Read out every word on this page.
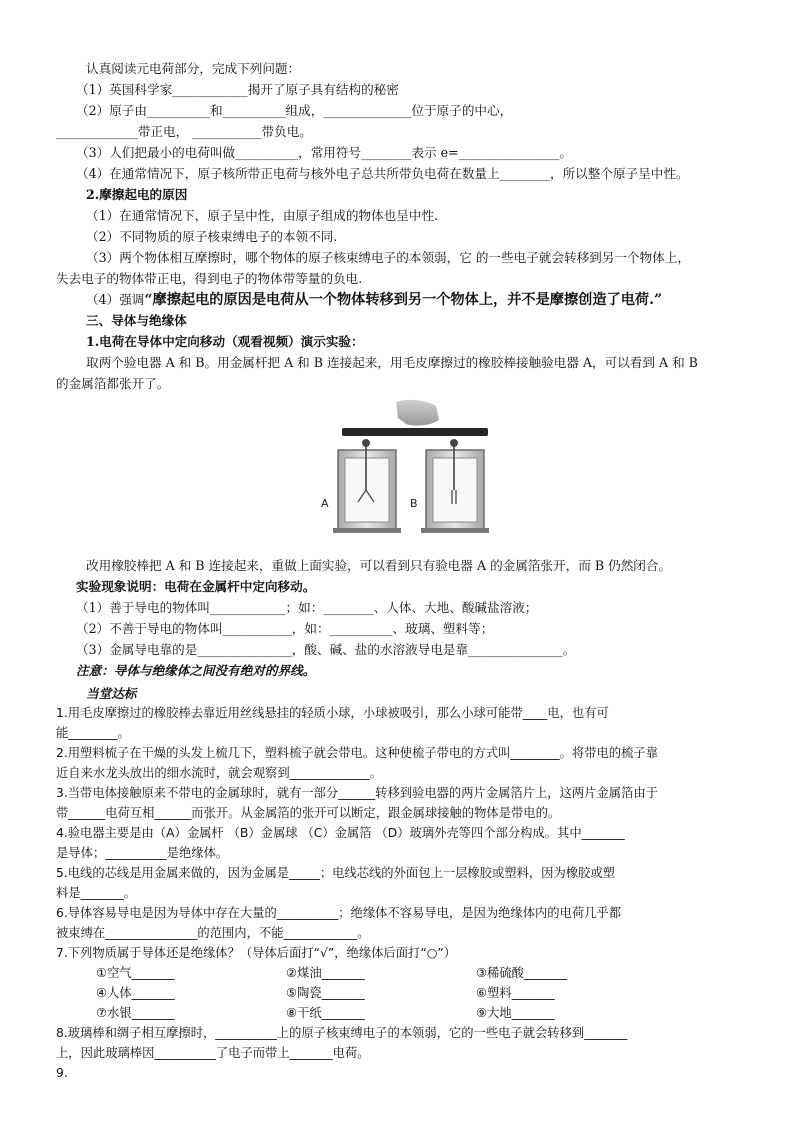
认真阅读元电荷部分，完成下列问题：
（1）英国科学家____________揭开了原子具有结构的秘密
（2）原子由__________和__________组成，______________位于原子的中心，
_____________带正电， ___________带负电。
（3）人们把最小的电荷叫做__________，常用符号________表示 e=________________。
（4）在通常情况下，原子核所带正电荷与核外电子总共所带负电荷在数量上________，所以整个原子呈中性。
2.摩擦起电的原因
（1）在通常情况下，原子呈中性，由原子组成的物体也呈中性.
（2）不同物质的原子核束缚电子的本领不同.
（3）两个物体相互摩擦时，哪个物体的原子核束缚电子的本领弱，它 的一些电子就会转移到另一个物体上，
失去电子的物体带正电，得到电子的物体带等量的负电.
（4）强调“摩擦起电的原因是电荷从一个物体转移到另一个物体上，并不是摩擦创造了电荷.”
三、导体与绝缘体
1.电荷在导体中定向移动（观看视频）演示实验：
取两个验电器 A 和 B。用金属杆把 A 和 B 连接起来，用毛皮摩擦过的橡胶棒接触验电器 A，可以看到 A 和 B
的金属箔都张开了。
A	B
改用橡胶棒把 A 和 B 连接起来，重做上面实验，可以看到只有验电器 A 的金属箔张开，而 B 仍然闭合。
实验现象说明：电荷在金属杆中定向移动。
（1）善于导电的物体叫____________；如：________、人体、大地、酸碱盐溶液；
（2）不善于导电的物体叫___________，如：__________、玻璃、塑料等；
（3）金属导电靠的是_______________，酸、碱、盐的水溶液导电是靠_______________。
注意：导体与绝缘体之间没有绝对的界线。
当堂达标
1.用毛皮摩擦过的橡胶棒去靠近用丝线悬挂的轻质小球，小球被吸引，那么小球可能带____电，也有可
能________。
2.用塑料梳子在干燥的头发上梳几下，塑料梳子就会带电。这种使梳子带电的方式叫________。将带电的梳子靠
近自来水龙头放出的细水流时，就会观察到_____________。
3.当带电体接触原来不带电的金属球时，就有一部分______转移到验电器的两片金属箔片上，这两片金属箔由于
带______电荷互相______而张开。从金属箔的张开可以断定，跟金属球接触的物体是带电的。
4.验电器主要是由（A）金属杆 （B）金属球 （C）金属箔 （D）玻璃外壳等四个部分构成。其中_______
是导体；__________是绝缘体。
5.电线的芯线是用金属来做的，因为金属是_____；电线芯线的外面包上一层橡胶或塑料，因为橡胶或塑
料是_______。
6.导体容易导电是因为导体中存在大量的__________；绝缘体不容易导电，是因为绝缘体内的电荷几乎都
被束缚在_______________的范围内，不能____________。
7.下列物质属于导体还是绝缘体？（导体后面打“√”，绝缘体后面打“○”）
①空气_______	②煤油_______	③稀硫酸_______
④人体_______	⑤陶瓷_______	⑥塑料_______
⑦水银_______	⑧干纸_______	⑨大地_______
8.玻璃棒和绸子相互摩擦时，__________上的原子核束缚电子的本领弱，它的一些电子就会转移到_______
上，因此玻璃棒因__________了电子而带上_______电荷。
9.
